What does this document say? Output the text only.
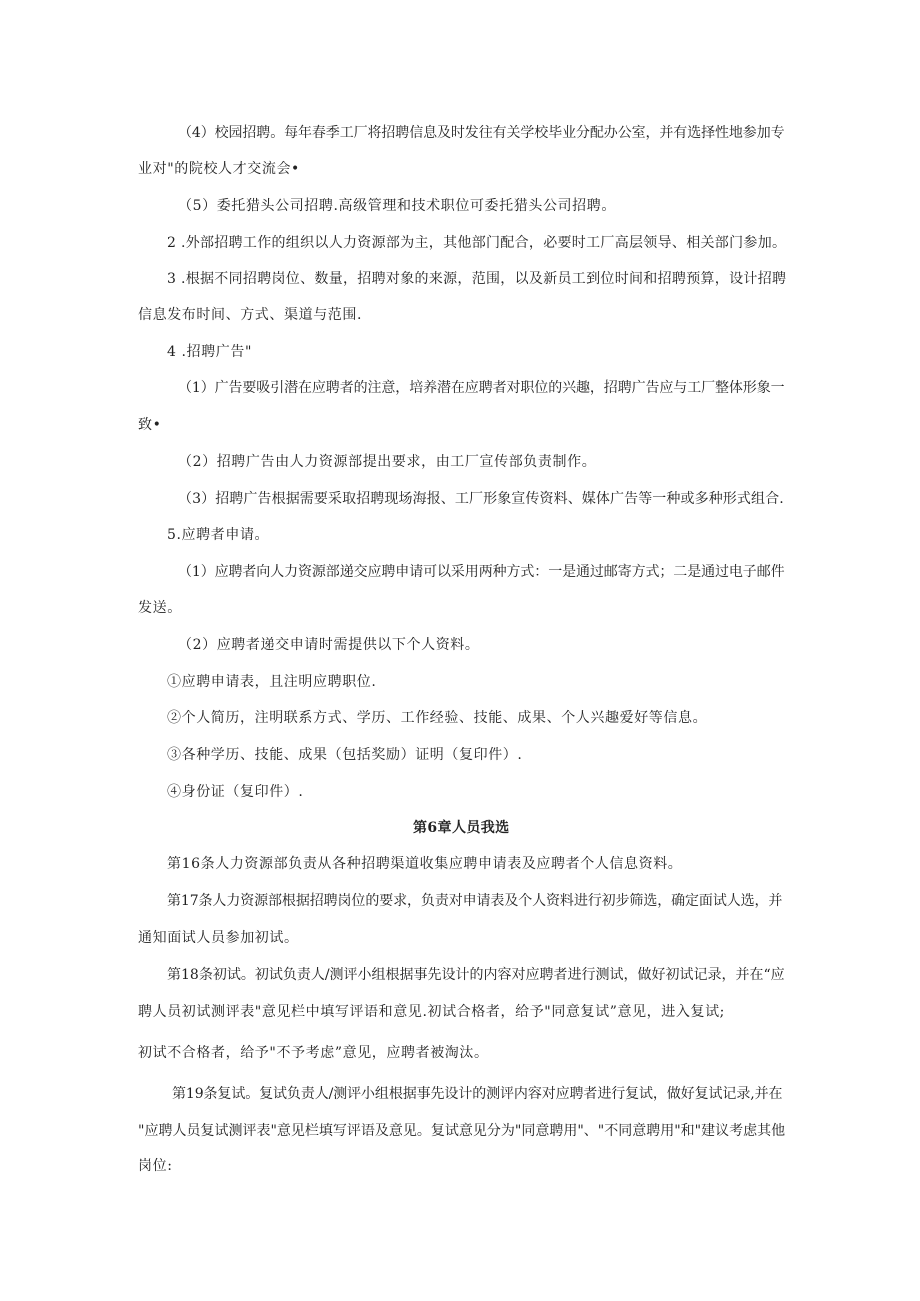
（4）校园招聘。每年春季工厂将招聘信息及时发往有关学校毕业分配办公室，并有选择性地参加专
业对"的院校人才交流会•
（5）委托猎头公司招聘.高级管理和技术职位可委托猎头公司招聘。
2 .外部招聘工作的组织以人力资源部为主，其他部门配合，必要时工厂高层领导、相关部门参加。
3 .根据不同招聘岗位、数量，招聘对象的来源，范围，以及新员工到位时间和招聘预算，设计招聘
信息发布时间、方式、渠道与范围.
4 .招聘广告"
（1）广告要吸引潜在应聘者的注意，培养潜在应聘者对职位的兴趣，招聘广告应与工厂整体形象一
致•
（2）招聘广告由人力资源部提出要求，由工厂宣传部负责制作。
（3）招聘广告根据需要采取招聘现场海报、工厂形象宣传资料、媒体广告等一种或多种形式组合.
5.应聘者申请。
（1）应聘者向人力资源部递交应聘申请可以采用两种方式：一是通过邮寄方式；二是通过电子邮件
发送。
（2）应聘者递交申请时需提供以下个人资料。
①应聘申请表，且注明应聘职位.
②个人简历，注明联系方式、学历、工作经验、技能、成果、个人兴趣爱好等信息。
③各种学历、技能、成果（包括奖励）证明（复印件）.
④身份证（复印件）.
第6章人员我选
第16条人力资源部负责从各种招聘渠道收集应聘申请表及应聘者个人信息资料。
第17条人力资源部根据招聘岗位的要求，负责对申请表及个人资料进行初步筛选，确定面试人选，并
通知面试人员参加初试。
第18条初试。初试负责人/测评小组根据事先设计的内容对应聘者进行测试，做好初试记录，并在“应
聘人员初试测评表"意见栏中填写评语和意见.初试合格者，给予"同意复试”意见，进入复试;
初试不合格者，给予"不予考虑”意见，应聘者被淘汰。
第19条复试。复试负责人/测评小组根据事先设计的测评内容对应聘者进行复试，做好复试记录,并在
"应聘人员复试测评表"意见栏填写评语及意见。复试意见分为"同意聘用"、"不同意聘用"和"建议考虑其他
岗位:
